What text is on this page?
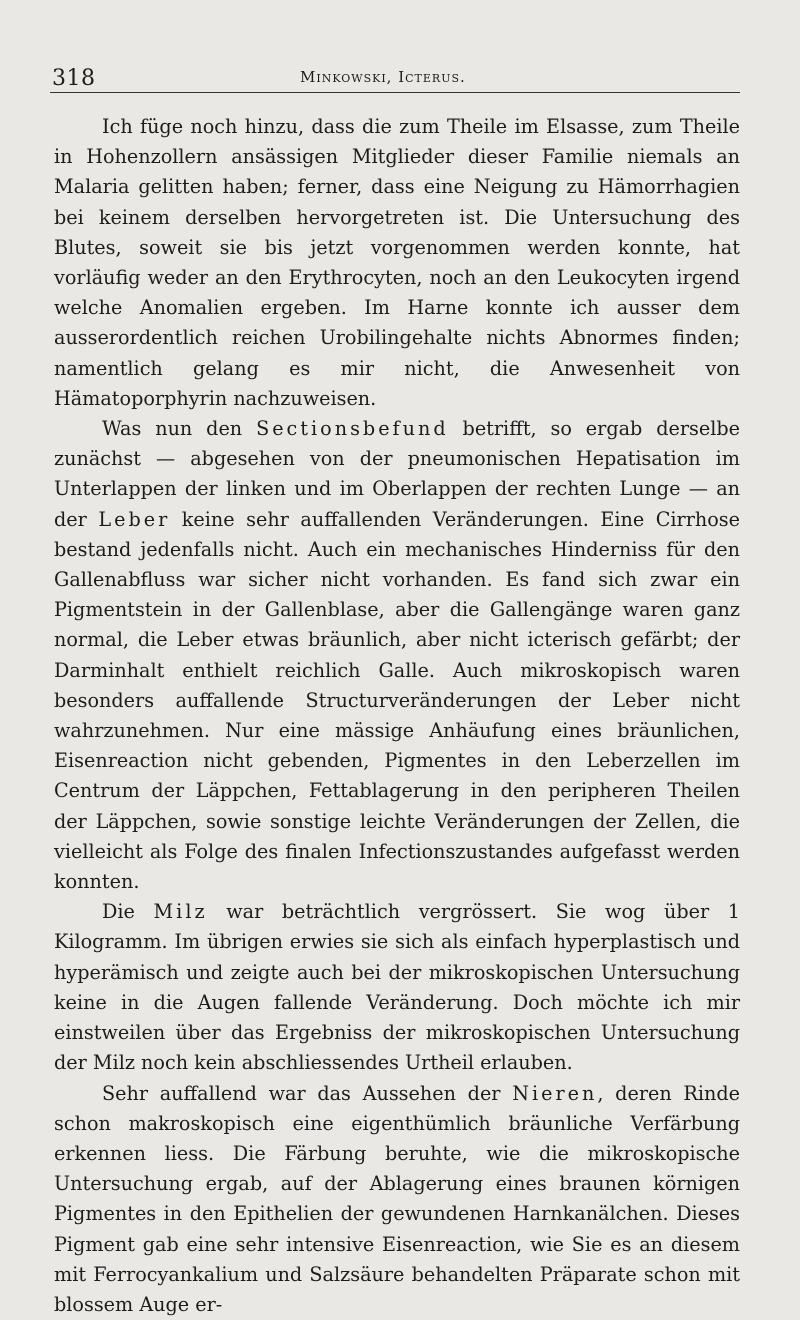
318	Minkowski, Icterus.

Ich füge noch hinzu, dass die zum Theile im Elsasse, zum Theile in Hohenzollern ansässigen Mitglieder dieser Familie niemals an Malaria gelitten haben; ferner, dass eine Neigung zu Hämorrhagien bei keinem derselben hervorgetreten ist. Die Untersuchung des Blutes, soweit sie bis jetzt vorgenommen werden konnte, hat vorläufig weder an den Erythrocyten, noch an den Leukocyten irgend welche Anomalien ergeben. Im Harne konnte ich ausser dem ausserordentlich reichen Urobilingehalte nichts Abnormes finden; namentlich gelang es mir nicht, die Anwesenheit von Hämatoporphyrin nachzuweisen.

Was nun den Sectionsbefund betrifft, so ergab derselbe zunächst — abgesehen von der pneumonischen Hepatisation im Unterlappen der linken und im Oberlappen der rechten Lunge — an der Leber keine sehr auffallenden Veränderungen. Eine Cirrhose bestand jedenfalls nicht. Auch ein mechanisches Hinderniss für den Gallenabfluss war sicher nicht vorhanden. Es fand sich zwar ein Pigmentstein in der Gallenblase, aber die Gallengänge waren ganz normal, die Leber etwas bräunlich, aber nicht icterisch gefärbt; der Darminhalt enthielt reichlich Galle. Auch mikroskopisch waren besonders auffallende Structurveränderungen der Leber nicht wahrzunehmen. Nur eine mässige Anhäufung eines bräunlichen, Eisenreaction nicht gebenden, Pigmentes in den Leberzellen im Centrum der Läppchen, Fettablagerung in den peripheren Theilen der Läppchen, sowie sonstige leichte Veränderungen der Zellen, die vielleicht als Folge des finalen Infectionszustandes aufgefasst werden konnten.

Die Milz war beträchtlich vergrössert. Sie wog über 1 Kilogramm. Im übrigen erwies sie sich als einfach hyperplastisch und hyperämisch und zeigte auch bei der mikroskopischen Untersuchung keine in die Augen fallende Veränderung. Doch möchte ich mir einstweilen über das Ergebniss der mikroskopischen Untersuchung der Milz noch kein abschliessendes Urtheil erlauben.

Sehr auffallend war das Aussehen der Nieren, deren Rinde schon makroskopisch eine eigenthümlich bräunliche Verfärbung erkennen liess. Die Färbung beruhte, wie die mikroskopische Untersuchung ergab, auf der Ablagerung eines braunen körnigen Pigmentes in den Epithelien der gewundenen Harnkanälchen. Dieses Pigment gab eine sehr intensive Eisenreaction, wie Sie es an diesem mit Ferrocyankalium und Salzsäure behandelten Präparate schon mit blossem Auge er-
